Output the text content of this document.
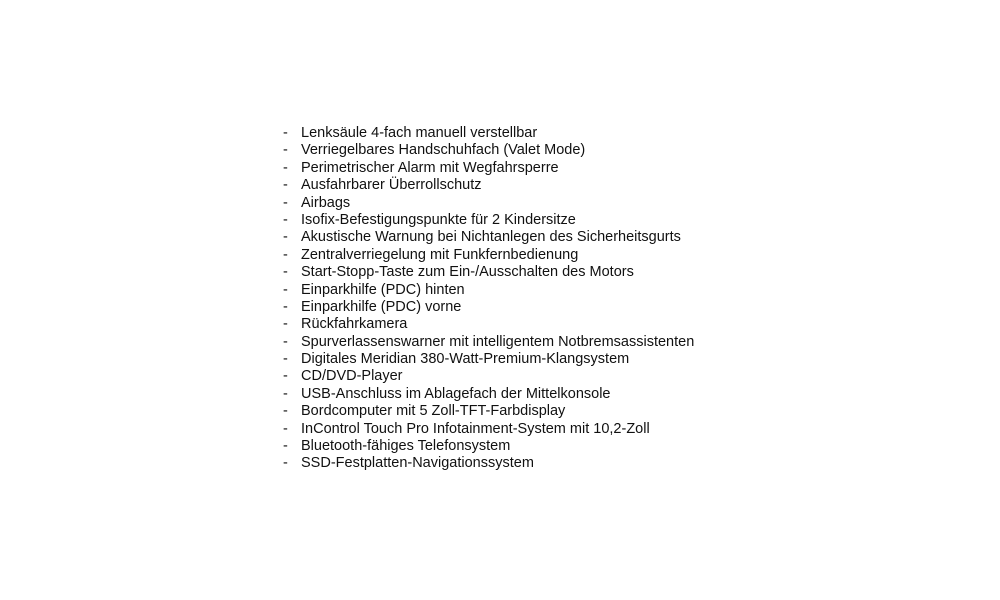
- Lenksäule 4-fach manuell verstellbar
- Verriegelbares Handschuhfach (Valet Mode)
- Perimetrischer Alarm mit Wegfahrsperre
- Ausfahrbarer Überrollschutz
- Airbags
- Isofix-Befestigungspunkte für 2 Kindersitze
- Akustische Warnung bei Nichtanlegen des Sicherheitsgurts
- Zentralverriegelung mit Funkfernbedienung
- Start-Stopp-Taste zum Ein-/Ausschalten des Motors
- Einparkhilfe (PDC) hinten
- Einparkhilfe (PDC) vorne
- Rückfahrkamera
- Spurverlassenswarner mit intelligentem Notbremsassistenten
- Digitales Meridian 380-Watt-Premium-Klangsystem
- CD/DVD-Player
- USB-Anschluss im Ablagefach der Mittelkonsole
- Bordcomputer mit 5 Zoll-TFT-Farbdisplay
- InControl Touch Pro Infotainment-System mit 10,2-Zoll
- Bluetooth-fähiges Telefonsystem
- SSD-Festplatten-Navigationssystem
